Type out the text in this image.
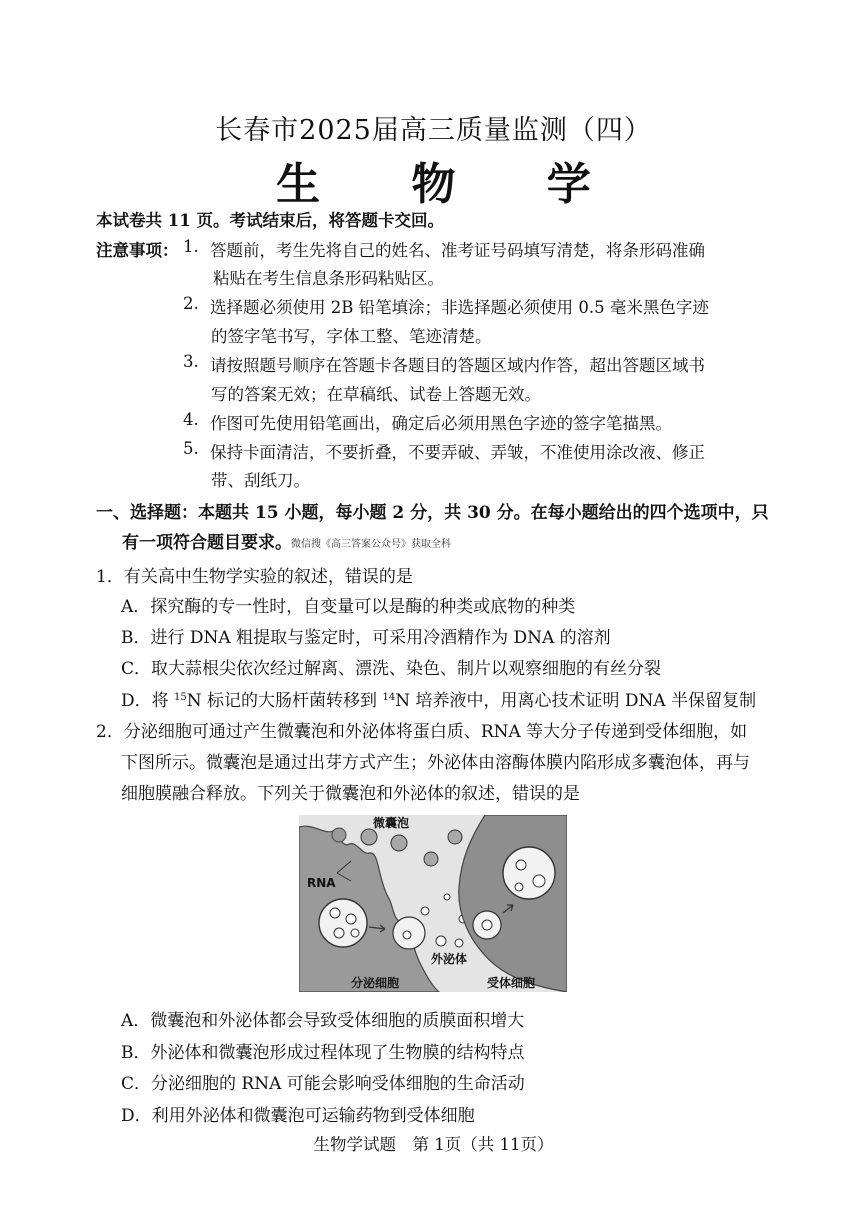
长春市2025届高三质量监测（四）
生 物 学
本试卷共 11 页。考试结束后，将答题卡交回。
注意事项： 1. 答题前，考生先将自己的姓名、准考证号码填写清楚，将条形码准确
粘贴在考生信息条形码粘贴区。
2. 选择题必须使用 2B 铅笔填涂；非选择题必须使用 0.5 毫米黑色字迹
的签字笔书写，字体工整、笔迹清楚。
3. 请按照题号顺序在答题卡各题目的答题区域内作答，超出答题区域书
写的答案无效；在草稿纸、试卷上答题无效。
4. 作图可先使用铅笔画出，确定后必须用黑色字迹的签字笔描黑。
5. 保持卡面清洁，不要折叠，不要弄破、弄皱，不准使用涂改液、修正
带、刮纸刀。
一、选择题：本题共 15 小题，每小题 2 分，共 30 分。在每小题给出的四个选项中，只
有一项符合题目要求。 微信搜《高三答案公众号》获取全科
1．有关高中生物学实验的叙述，错误的是
A．探究酶的专一性时，自变量可以是酶的种类或底物的种类
B．进行 DNA 粗提取与鉴定时，可采用冷酒精作为 DNA 的溶剂
C．取大蒜根尖依次经过解离、漂洗、染色、制片以观察细胞的有丝分裂
D．将 $^{15}$N 标记的大肠杆菌转移到 $^{14}$N 培养液中，用离心技术证明 DNA 半保留复制
2．分泌细胞可通过产生微囊泡和外泌体将蛋白质、RNA 等大分子传递到受体细胞，如
下图所示。微囊泡是通过出芽方式产生；外泌体由溶酶体膜内陷形成多囊泡体，再与
细胞膜融合释放。下列关于微囊泡和外泌体的叙述，错误的是
微囊泡
RNA
外泌体
分泌细胞	受体细胞
A．微囊泡和外泌体都会导致受体细胞的质膜面积增大
B．外泌体和微囊泡形成过程体现了生物膜的结构特点
C．分泌细胞的 RNA 可能会影响受体细胞的生命活动
D．利用外泌体和微囊泡可运输药物到受体细胞
生物学试题　第 1页（共 11页）
